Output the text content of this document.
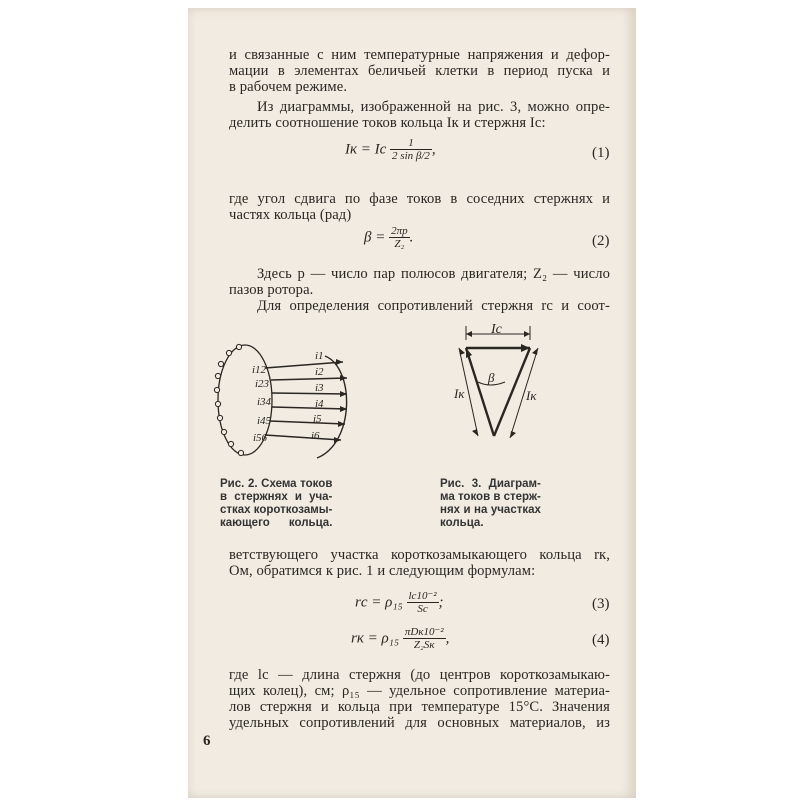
и связанные с ним температурные напряжения и дефор-
мации в элементах беличьей клетки в период пуска и
в рабочем режиме.
Из диаграммы, изображенной на рис. 3, можно опре-
делить соотношение токов кольца Iк и стержня Iс:
Iк = Iс $\frac{1}{\text{2 sin β/2}}$ ,	(1)
где угол сдвига по фазе токов в соседних стержнях и
частях кольца (рад)
$\beta = \frac{2\pi p}{\text{Z₂}}$ .	(2)
Здесь p — число пар полюсов двигателя; Z₂ — число
пазов ротора.
Для определения сопротивлений стержня rс и соот-
i12
i23
i34
i45
i56
i1
i2
i3
i4
i5
i6
Iс
β
Iк	Iк
Рис. 2. Схема токов
в стержнях и уча-
стках короткозамы-
кающего кольца.
Рис. 3. Диаграм-
ма токов в стерж-
нях и на участках
кольца.
ветствующего участка короткозамыкающего кольца rк,
Ом, обратимся к рис. 1 и следующим формулам:
rс = $\rho_{15} \frac{\text{lс10⁻²}}{Sс}$ ;	(3)
rк = $\rho_{15} \frac{\text{πDк10⁻²}}{\text{Z₂Sк}}$ ,	(4)
где lс — длина стержня (до центров короткозамыкаю-
щих колец), см; ρ₁₅ — удельное сопротивление материа-
лов стержня и кольца при температуре 15°С. Значения
удельных сопротивлений для основных материалов, из
6
